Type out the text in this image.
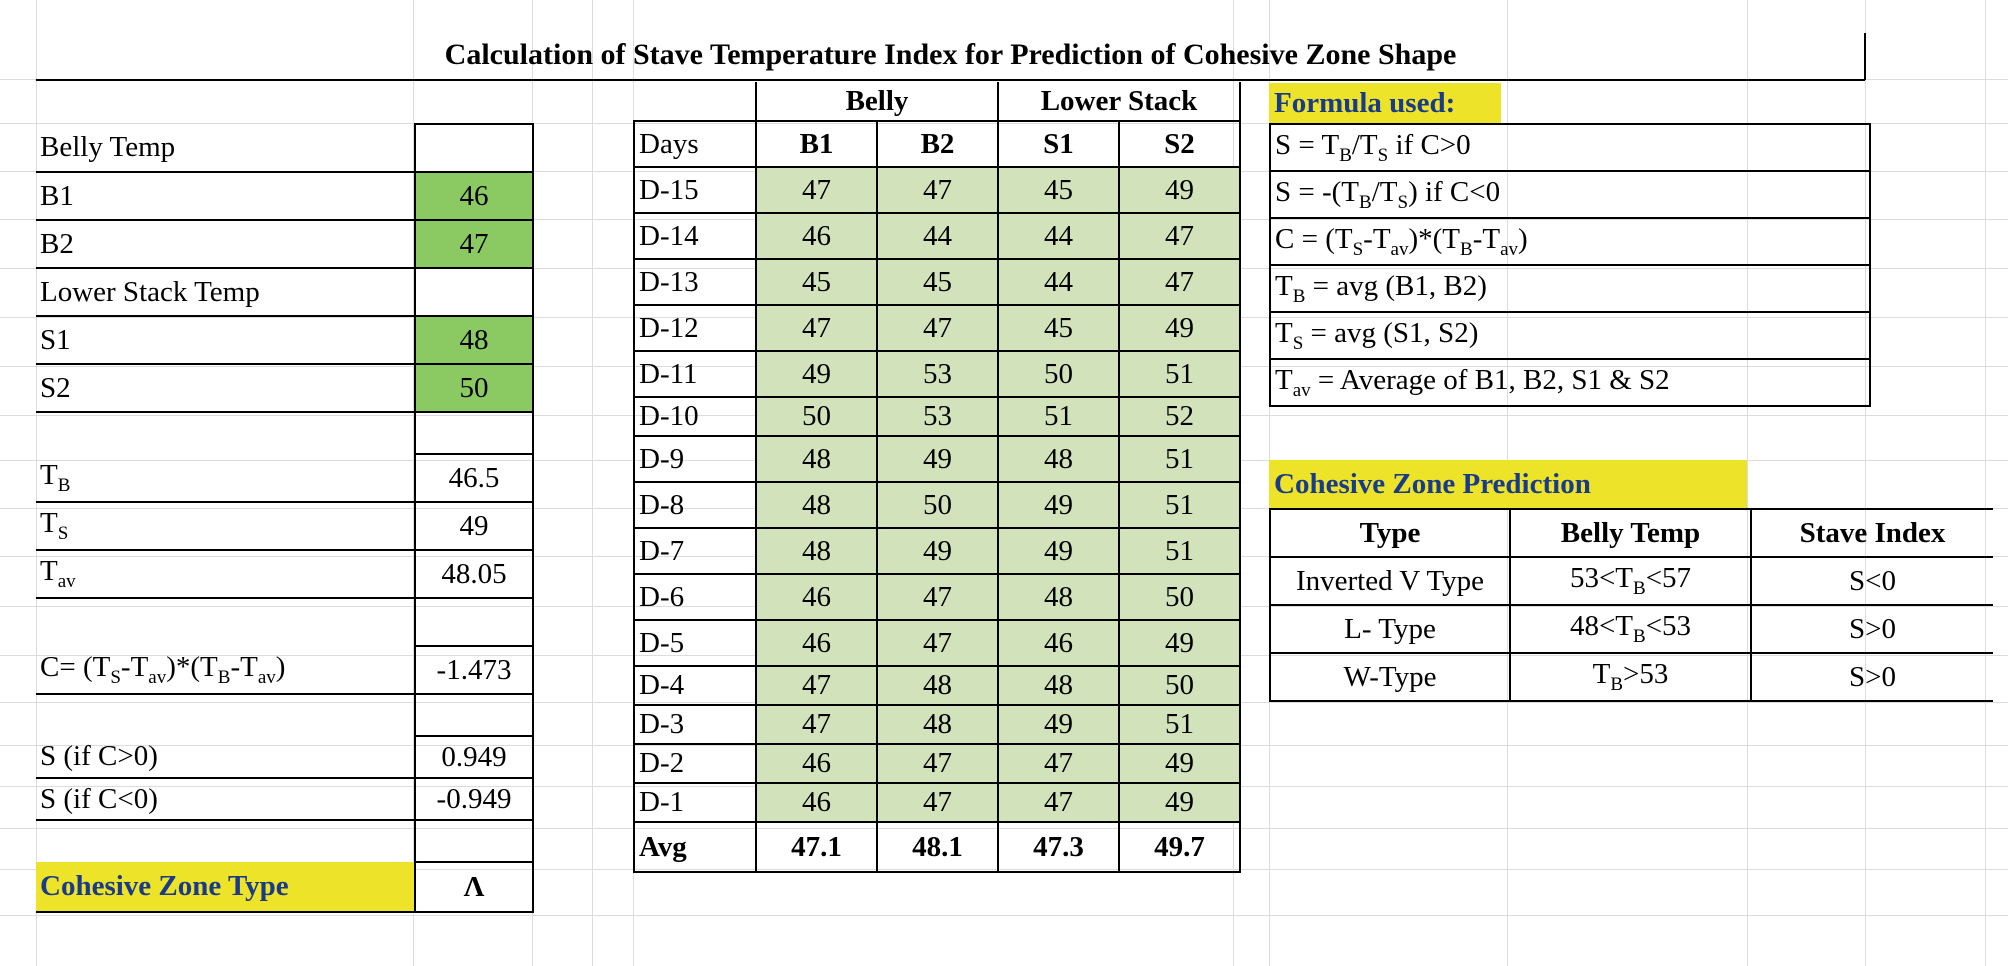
Calculation of Stave Temperature Index for Prediction of Cohesive Zone Shape
Belly Temp	
B1	46
B2	47
Lower Stack Temp	
S1	48
S2	50

$T_B$	46.5
$T_S$	49
$T_{av}$	48.05

$C= (T_S-T_{av})*(T_B-T_{av})$	-1.473

S (if C>0)	0.949
S (if C<0)	-0.949

Cohesive Zone Type	Λ
	Belly		Lower Stack	
Days	B1	B2	S1	S2
D-15	47	47	45	49
D-14	46	44	44	47
D-13	45	45	44	47
D-12	47	47	45	49
D-11	49	53	50	51
D-10	50	53	51	52
D-9	48	49	48	51
D-8	48	50	49	51
D-7	48	49	49	51
D-6	46	47	48	50
D-5	46	47	46	49
D-4	47	48	48	50
D-3	47	48	49	51
D-2	46	47	47	49
D-1	46	47	47	49
Avg	47.1	48.1	47.3	49.7
Formula used:
$S = T_B/T_S$ if C>0
$S = -(T_B/T_S)$ if C<0
$C = (T_S-T_{av})*(T_B-T_{av})$
$T_B$ = avg (B1, B2)
$T_S$ = avg (S1, S2)
$T_{av}$ = Average of B1, B2, S1 & S2
Cohesive Zone Prediction
Type	Belly Temp	Stave Index
Inverted V Type	$53<T_B<57$	S<0
L- Type	$48<T_B<53$	S>0
W-Type	$T_B>53$	S>0
